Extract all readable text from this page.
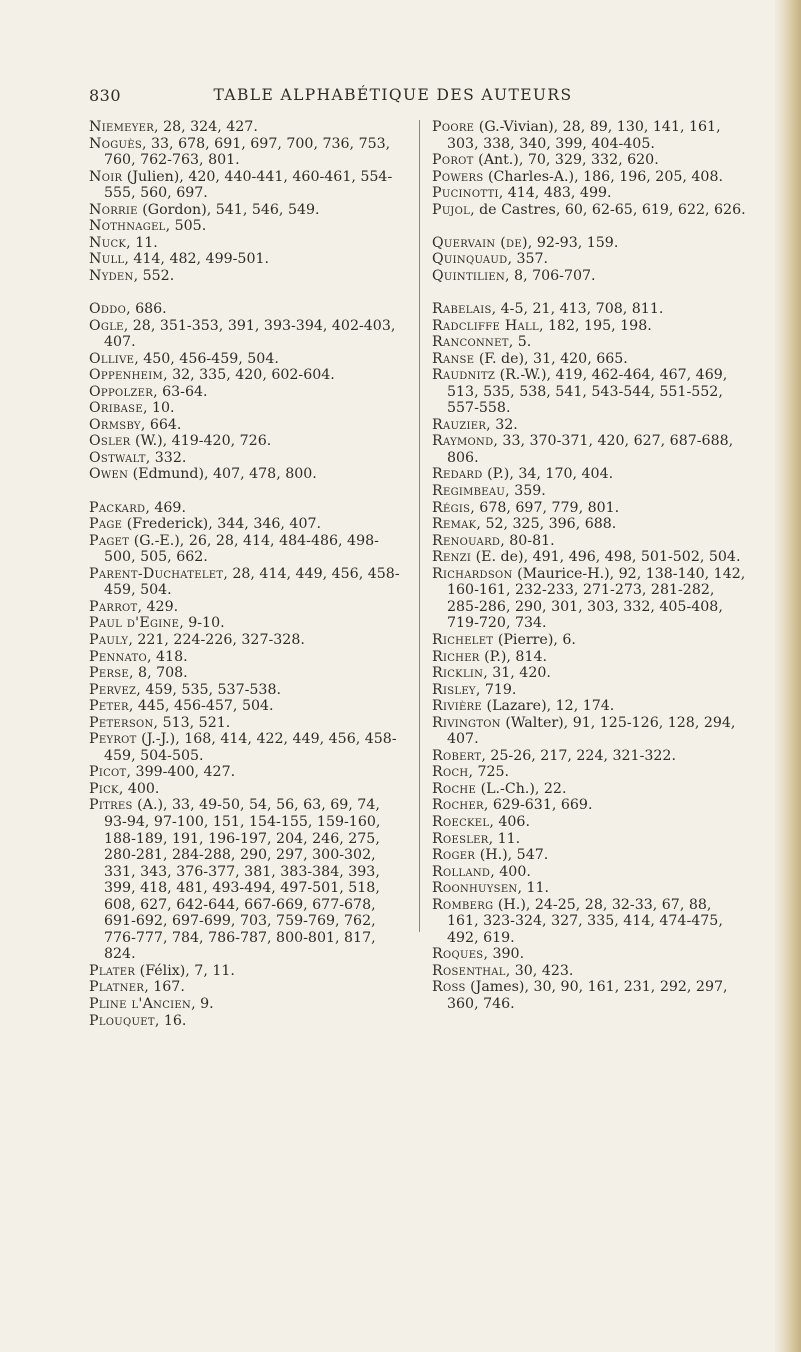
830	TABLE ALPHABÉTIQUE DES AUTEURS

Niemeyer, 28, 324, 427.

Noguès, 33, 678, 691, 697, 700, 736, 753, 760, 762-763, 801.

Noir (Julien), 420, 440-441, 460-461, 554-555, 560, 697.

Norrie (Gordon), 541, 546, 549.

Nothnagel, 505.

Nuck, 11.

Null, 414, 482, 499-501.

Nyden, 552.

Oddo, 686.

Ogle, 28, 351-353, 391, 393-394, 402-403, 407.

Ollive, 450, 456-459, 504.

Oppenheim, 32, 335, 420, 602-604.

Oppolzer, 63-64.

Oribase, 10.

Ormsby, 664.

Osler (W.), 419-420, 726.

Ostwalt, 332.

Owen (Edmund), 407, 478, 800.

Packard, 469.

Page (Frederick), 344, 346, 407.

Paget (G.-E.), 26, 28, 414, 484-486, 498-500, 505, 662.

Parent-Duchatelet, 28, 414, 449, 456, 458-459, 504.

Parrot, 429.

Paul d'Egine, 9-10.

Pauly, 221, 224-226, 327-328.

Pennato, 418.

Perse, 8, 708.

Pervez, 459, 535, 537-538.

Peter, 445, 456-457, 504.

Peterson, 513, 521.

Peyrot (J.-J.), 168, 414, 422, 449, 456, 458-459, 504-505.

Picot, 399-400, 427.

Pick, 400.

Pitres (A.), 33, 49-50, 54, 56, 63, 69, 74, 93-94, 97-100, 151, 154-155, 159-160, 188-189, 191, 196-197, 204, 246, 275, 280-281, 284-288, 290, 297, 300-302, 331, 343, 376-377, 381, 383-384, 393, 399, 418, 481, 493-494, 497-501, 518, 608, 627, 642-644, 667-669, 677-678, 691-692, 697-699, 703, 759-769, 762, 776-777, 784, 786-787, 800-801, 817, 824.

Plater (Félix), 7, 11.

Platner, 167.

Pline l'Ancien, 9.

Plouquet, 16.

Poore (G.-Vivian), 28, 89, 130, 141, 161, 303, 338, 340, 399, 404-405.

Porot (Ant.), 70, 329, 332, 620.

Powers (Charles-A.), 186, 196, 205, 408.

Pucinotti, 414, 483, 499.

Pujol, de Castres, 60, 62-65, 619, 622, 626.

Quervain (de), 92-93, 159.

Quinquaud, 357.

Quintilien, 8, 706-707.

Rabelais, 4-5, 21, 413, 708, 811.

Radcliffe Hall, 182, 195, 198.

Ranconnet, 5.

Ranse (F. de), 31, 420, 665.

Raudnitz (R.-W.), 419, 462-464, 467, 469, 513, 535, 538, 541, 543-544, 551-552, 557-558.

Rauzier, 32.

Raymond, 33, 370-371, 420, 627, 687-688, 806.

Redard (P.), 34, 170, 404.

Regimbeau, 359.

Régis, 678, 697, 779, 801.

Remak, 52, 325, 396, 688.

Renouard, 80-81.

Renzi (E. de), 491, 496, 498, 501-502, 504.

Richardson (Maurice-H.), 92, 138-140, 142, 160-161, 232-233, 271-273, 281-282, 285-286, 290, 301, 303, 332, 405-408, 719-720, 734.

Richelet (Pierre), 6.

Richer (P.), 814.

Ricklin, 31, 420.

Risley, 719.

Rivière (Lazare), 12, 174.

Rivington (Walter), 91, 125-126, 128, 294, 407.

Robert, 25-26, 217, 224, 321-322.

Roch, 725.

Roche (L.-Ch.), 22.

Rocher, 629-631, 669.

Roeckel, 406.

Roesler, 11.

Roger (H.), 547.

Rolland, 400.

Roonhuysen, 11.

Romberg (H.), 24-25, 28, 32-33, 67, 88, 161, 323-324, 327, 335, 414, 474-475, 492, 619.

Roques, 390.

Rosenthal, 30, 423.

Ross (James), 30, 90, 161, 231, 292, 297, 360, 746.
